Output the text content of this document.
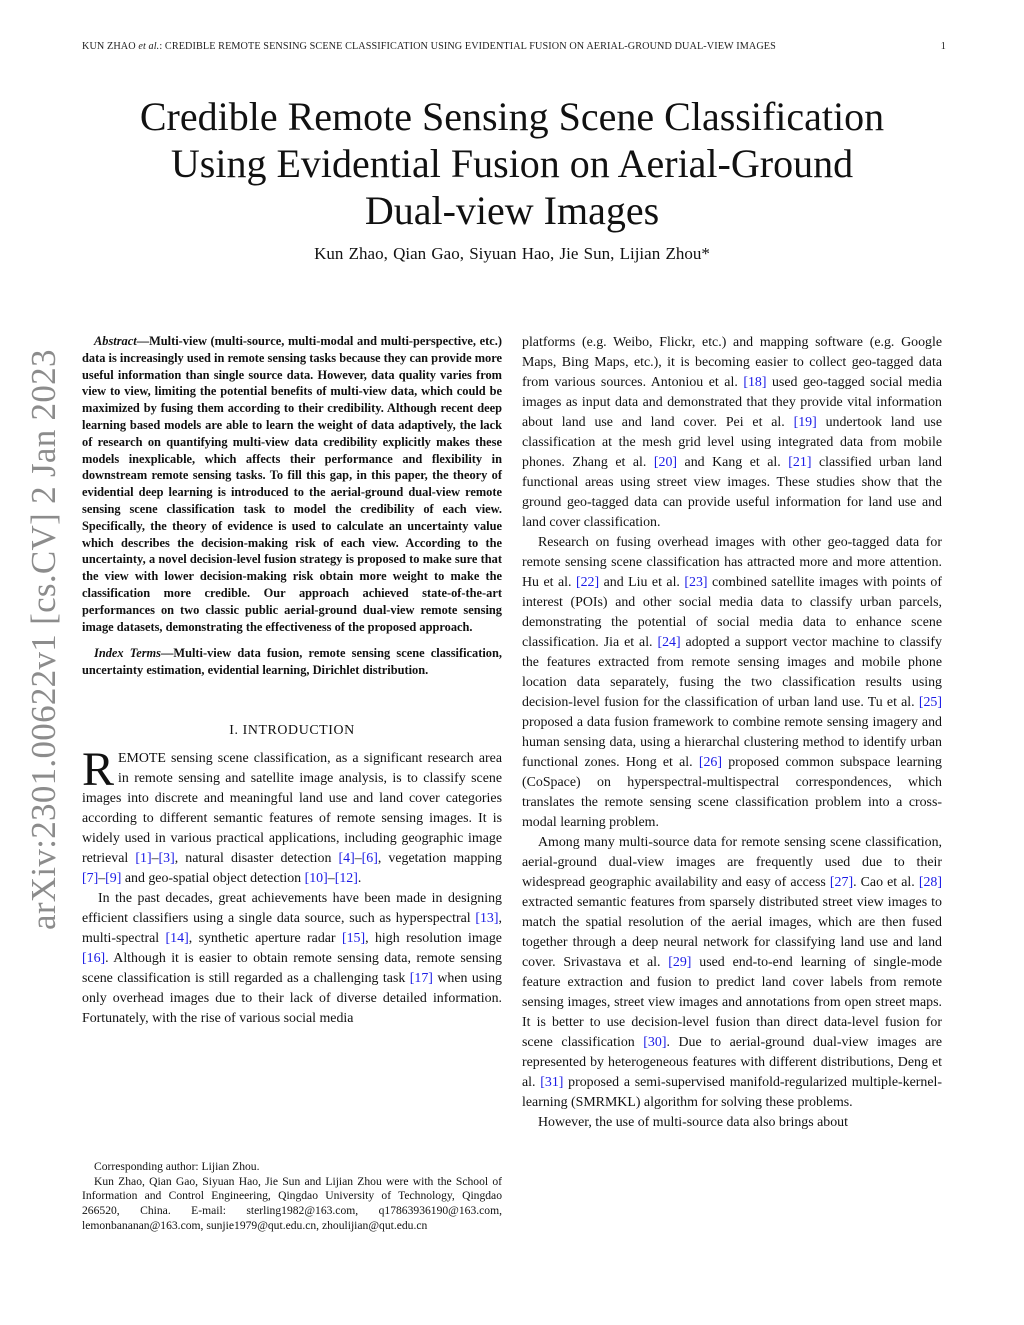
KUN ZHAO et al.: CREDIBLE REMOTE SENSING SCENE CLASSIFICATION USING EVIDENTIAL FUSION ON AERIAL-GROUND DUAL-VIEW IMAGES	1
arXiv:2301.00622v1 [cs.CV] 2 Jan 2023
Credible Remote Sensing Scene Classification
Using Evidential Fusion on Aerial-Ground
Dual-view Images
Kun Zhao, Qian Gao, Siyuan Hao, Jie Sun, Lijian Zhou*

Abstract—Multi-view (multi-source, multi-modal and multi-perspective, etc.) data is increasingly used in remote sensing tasks because they can provide more useful information than single source data. However, data quality varies from view to view, limiting the potential benefits of multi-view data, which could be maximized by fusing them according to their credibility. Although recent deep learning based models are able to learn the weight of data adaptively, the lack of research on quantifying multi-view data credibility explicitly makes these models inexplicable, which affects their performance and flexibility in downstream remote sensing tasks. To fill this gap, in this paper, the theory of evidential deep learning is introduced to the aerial-ground dual-view remote sensing scene classification task to model the credibility of each view. Specifically, the theory of evidence is used to calculate an uncertainty value which describes the decision-making risk of each view. According to the uncertainty, a novel decision-level fusion strategy is proposed to make sure that the view with lower decision-making risk obtain more weight to make the classification more credible. Our approach achieved state-of-the-art performances on two classic public aerial-ground dual-view remote sensing image datasets, demonstrating the effectiveness of the proposed approach.

Index Terms—Multi-view data fusion, remote sensing scene classification, uncertainty estimation, evidential learning, Dirichlet distribution.

I. INTRODUCTION

REMOTE sensing scene classification, as a significant research area in remote sensing and satellite image analysis, is to classify scene images into discrete and meaningful land use and land cover categories according to different semantic features of remote sensing images. It is widely used in various practical applications, including geographic image retrieval [1]–[3], natural disaster detection [4]–[6], vegetation mapping [7]–[9] and geo-spatial object detection [10]–[12].

In the past decades, great achievements have been made in designing efficient classifiers using a single data source, such as hyperspectral [13], multi-spectral [14], synthetic aperture radar [15], high resolution image [16]. Although it is easier to obtain remote sensing data, remote sensing scene classification is still regarded as a challenging task [17] when using only overhead images due to their lack of diverse detailed information. Fortunately, with the rise of various social media

Corresponding author: Lijian Zhou.

Kun Zhao, Qian Gao, Siyuan Hao, Jie Sun and Lijian Zhou were with the School of Information and Control Engineering, Qingdao University of Technology, Qingdao 266520, China. E-mail: sterling1982@163.com, q17863936190@163.com, lemonbananan@163.com, sunjie1979@qut.edu.cn, zhoulijian@qut.edu.cn

platforms (e.g. Weibo, Flickr, etc.) and mapping software (e.g. Google Maps, Bing Maps, etc.), it is becoming easier to collect geo-tagged data from various sources. Antoniou et al. [18] used geo-tagged social media images as input data and demonstrated that they provide vital information about land use and land cover. Pei et al. [19] undertook land use classification at the mesh grid level using integrated data from mobile phones. Zhang et al. [20] and Kang et al. [21] classified urban land functional areas using street view images. These studies show that the ground geo-tagged data can provide useful information for land use and land cover classification.

Research on fusing overhead images with other geo-tagged data for remote sensing scene classification has attracted more and more attention. Hu et al. [22] and Liu et al. [23] combined satellite images with points of interest (POIs) and other social media data to classify urban parcels, demonstrating the potential of social media data to enhance scene classification. Jia et al. [24] adopted a support vector machine to classify the features extracted from remote sensing images and mobile phone location data separately, fusing the two classification results using decision-level fusion for the classification of urban land use. Tu et al. [25] proposed a data fusion framework to combine remote sensing imagery and human sensing data, using a hierarchal clustering method to identify urban functional zones. Hong et al. [26] proposed common subspace learning (CoSpace) on hyperspectral-multispectral correspondences, which translates the remote sensing scene classification problem into a cross-modal learning problem.

Among many multi-source data for remote sensing scene classification, aerial-ground dual-view images are frequently used due to their widespread geographic availability and easy of access [27]. Cao et al. [28] extracted semantic features from sparsely distributed street view images to match the spatial resolution of the aerial images, which are then fused together through a deep neural network for classifying land use and land cover. Srivastava et al. [29] used end-to-end learning of single-mode feature extraction and fusion to predict land cover labels from remote sensing images, street view images and annotations from open street maps. It is better to use decision-level fusion than direct data-level fusion for scene classification [30]. Due to aerial-ground dual-view images are represented by heterogeneous features with different distributions, Deng et al. [31] proposed a semi-supervised manifold-regularized multiple-kernel-learning (SMRMKL) algorithm for solving these problems.

However, the use of multi-source data also brings about
